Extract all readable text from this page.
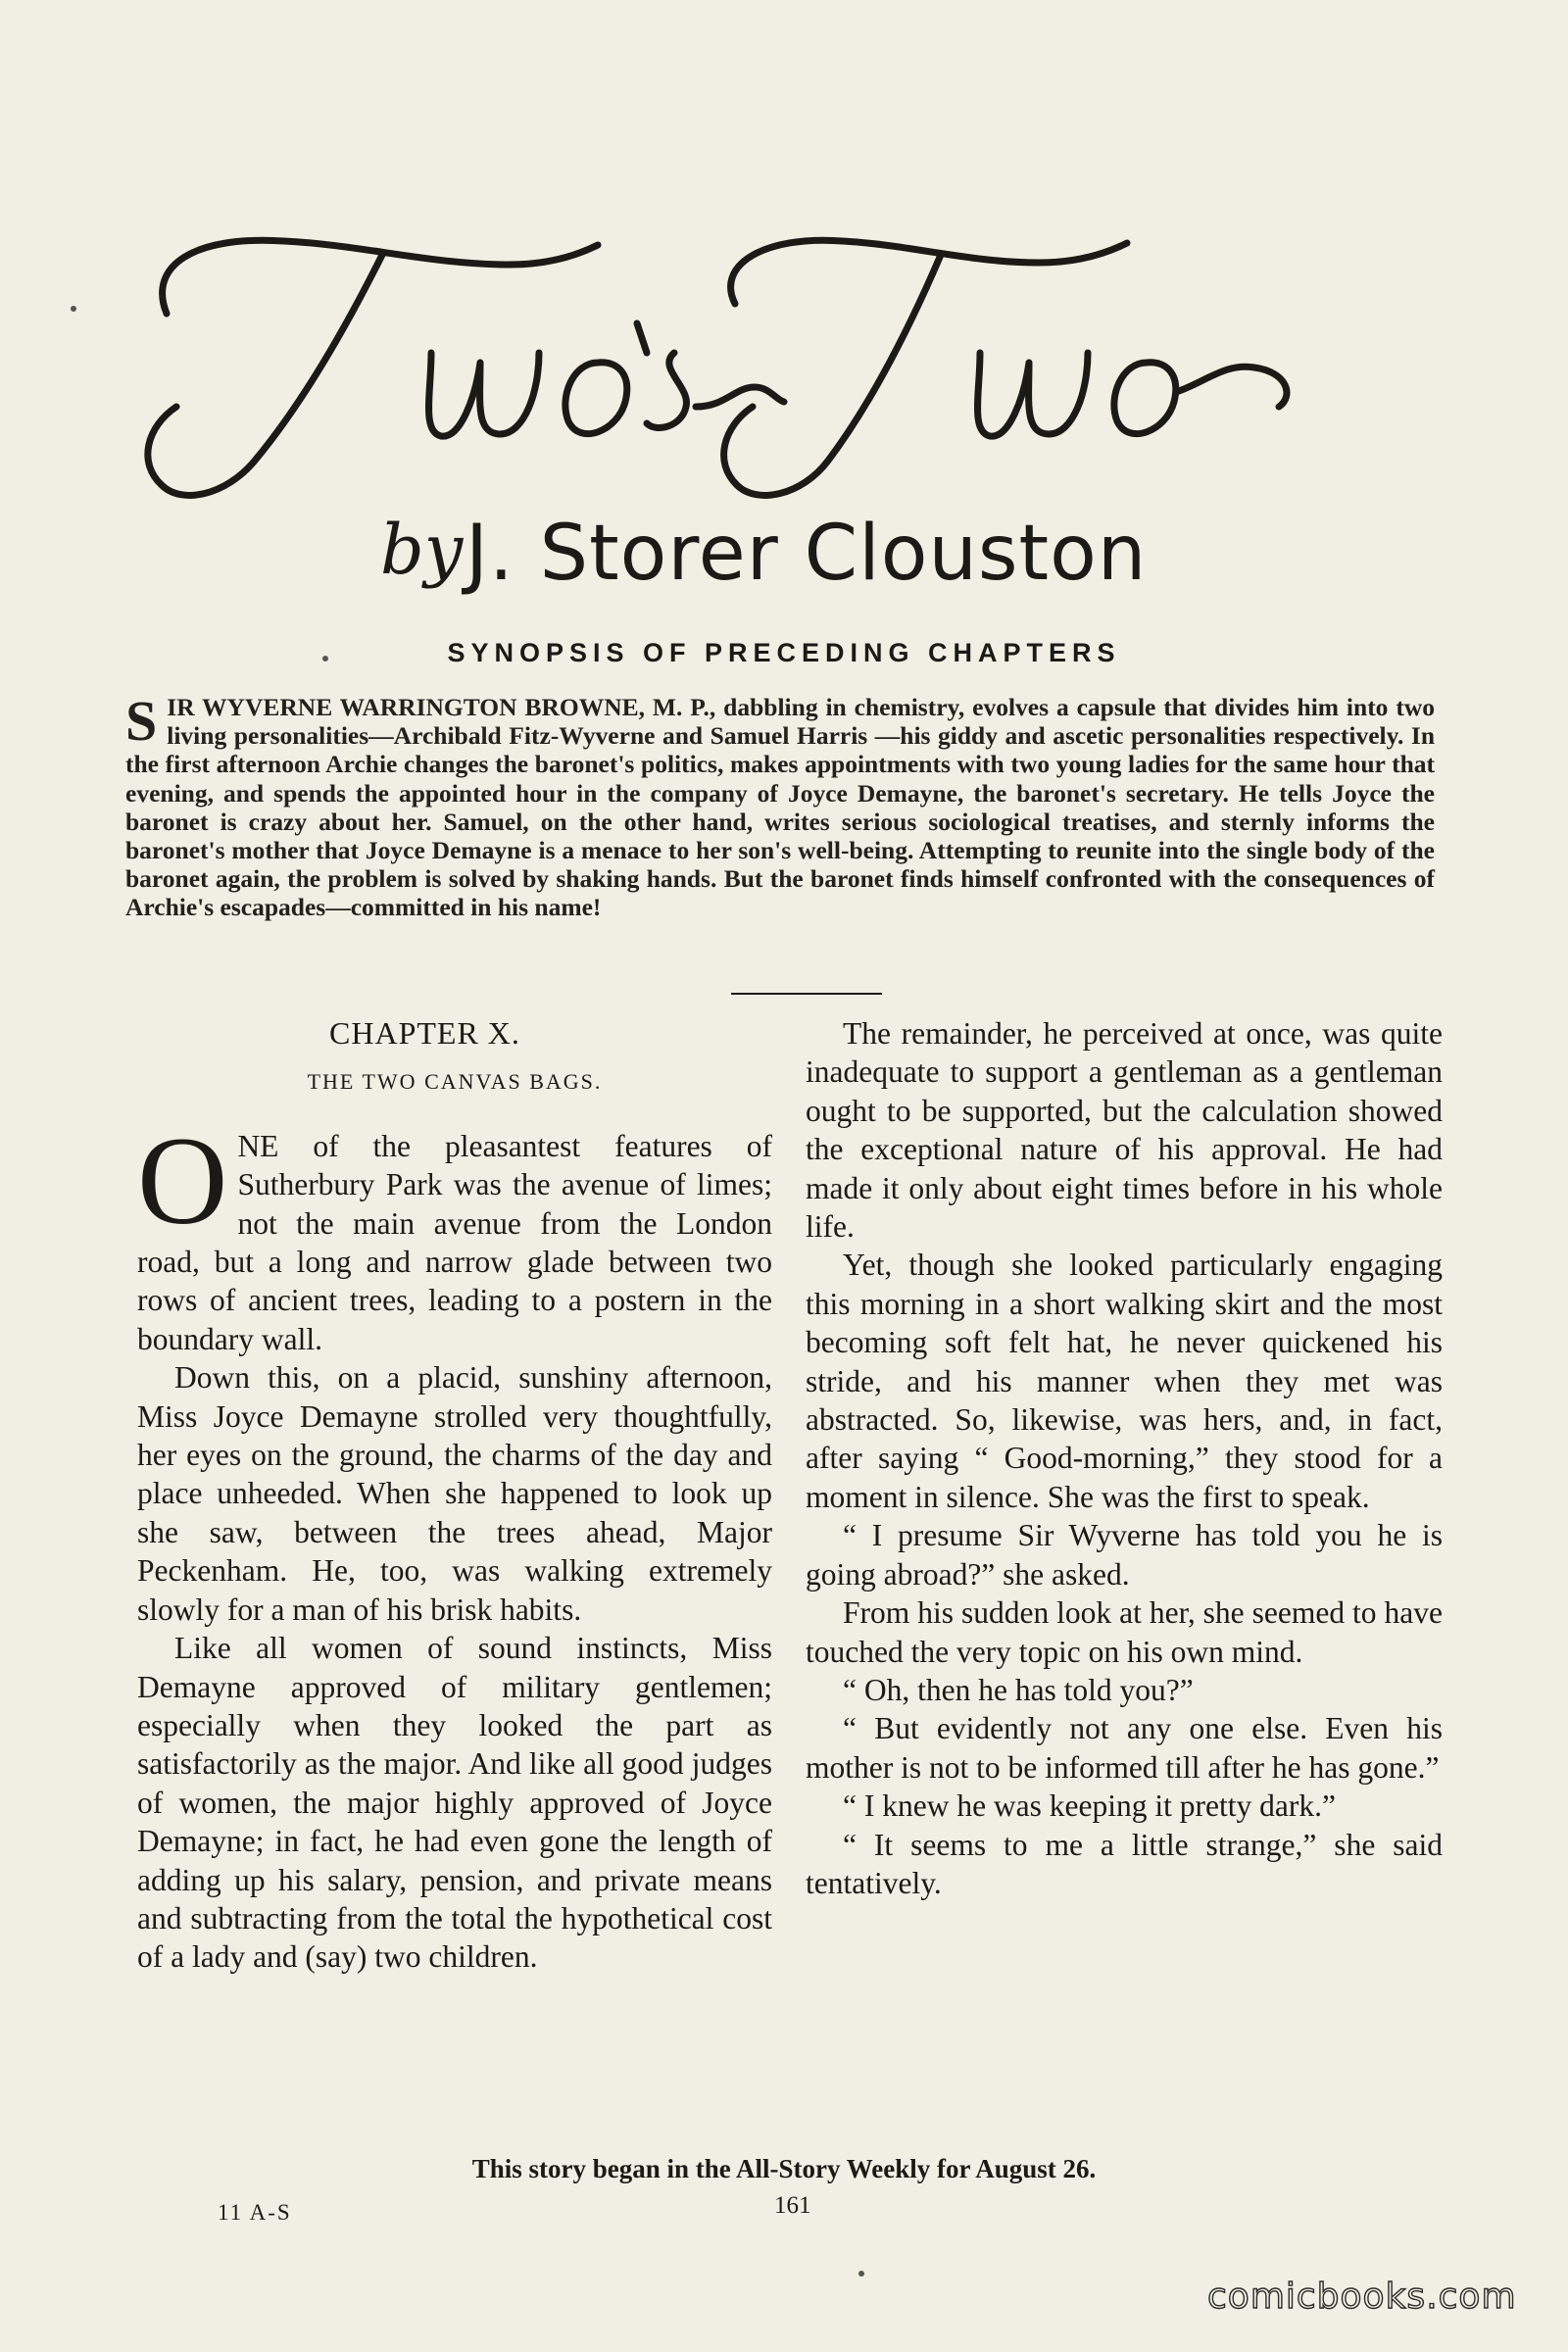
by J. Storer Clouston
SYNOPSIS OF PRECEDING CHAPTERS
SIR WYVERNE WARRINGTON BROWNE, M. P., dabbling in chemistry, evolves a capsule that divides him into two living personalities—Archibald Fitz-Wyverne and Samuel Harris —his giddy and ascetic personalities respectively. In the first afternoon Archie changes the baronet's politics, makes appointments with two young ladies for the same hour that evening, and spends the appointed hour in the company of Joyce Demayne, the baronet's secretary. He tells Joyce the baronet is crazy about her. Samuel, on the other hand, writes serious sociological treatises, and sternly informs the baronet's mother that Joyce Demayne is a menace to her son's well-being. Attempting to reunite into the single body of the baronet again, the problem is solved by shaking hands. But the baronet finds himself confronted with the consequences of Archie's escapades—committed in his name!
CHAPTER X.
THE TWO CANVAS BAGS.

ONE of the pleasantest features of Sutherbury Park was the avenue of limes; not the main avenue from the London road, but a long and narrow glade between two rows of ancient trees, leading to a postern in the boundary wall.

Down this, on a placid, sunshiny afternoon, Miss Joyce Demayne strolled very thoughtfully, her eyes on the ground, the charms of the day and place unheeded. When she happened to look up she saw, between the trees ahead, Major Peckenham. He, too, was walking extremely slowly for a man of his brisk habits.

Like all women of sound instincts, Miss Demayne approved of military gentlemen; especially when they looked the part as satisfactorily as the major. And like all good judges of women, the major highly approved of Joyce Demayne; in fact, he had even gone the length of adding up his salary, pension, and private means and subtracting from the total the hypothetical cost of a lady and (say) two children.

The remainder, he perceived at once, was quite inadequate to support a gentleman as a gentleman ought to be supported, but the calculation showed the exceptional nature of his approval. He had made it only about eight times before in his whole life.

Yet, though she looked particularly engaging this morning in a short walking skirt and the most becoming soft felt hat, he never quickened his stride, and his manner when they met was abstracted. So, likewise, was hers, and, in fact, after saying “ Good-morning,” they stood for a moment in silence. She was the first to speak.

“ I presume Sir Wyverne has told you he is going abroad?” she asked.

From his sudden look at her, she seemed to have touched the very topic on his own mind.

“ Oh, then he has told you?”

“ But evidently not any one else. Even his mother is not to be informed till after he has gone.”

“ I knew he was keeping it pretty dark.”

“ It seems to me a little strange,” she said tentatively.

This story began in the All-Story Weekly for August 26.
11 A-S	161
comicbooks.com
